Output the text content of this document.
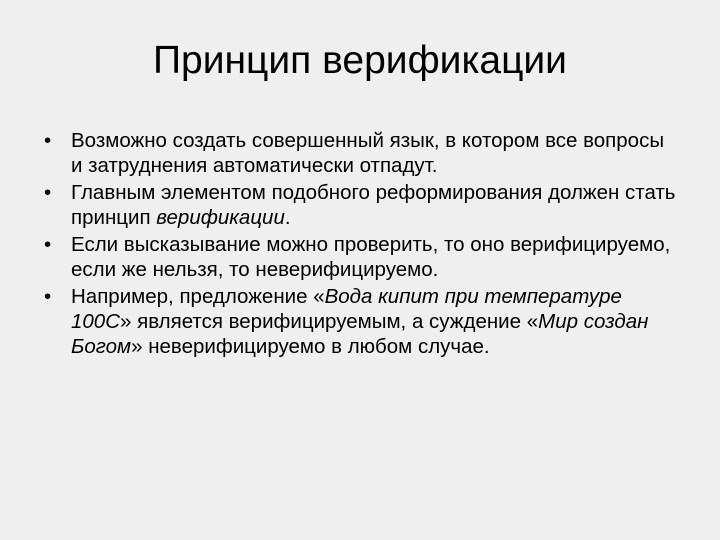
Принцип верификации
• Возможно создать совершенный язык, в котором все вопросы и затруднения автоматически отпадут.
• Главным элементом подобного реформирования должен стать принцип верификации.
• Если высказывание можно проверить, то оно верифицируемо, если же нельзя, то неверифицируемо.
• Например, предложение «Вода кипит при температуре 100С» является верифицируемым, а суждение «Мир создан Богом» неверифицируемо в любом случае.
